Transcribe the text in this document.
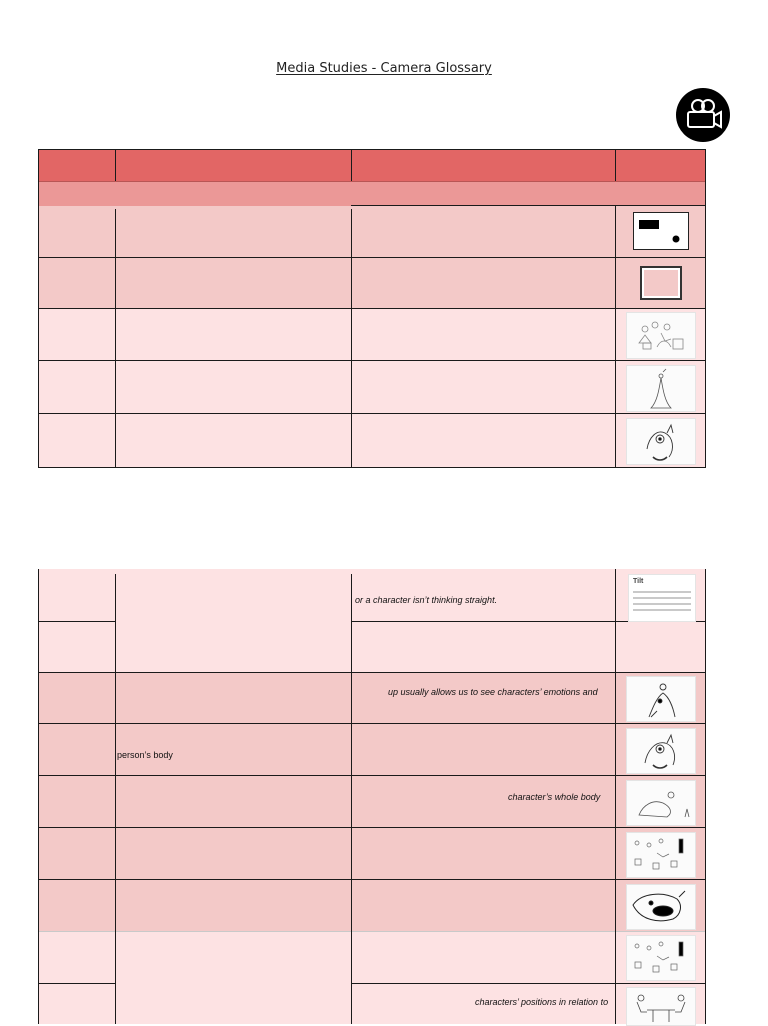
Media Studies - Camera Glossary
or a character isn’t thinking straight.
up usually allows us to see characters’ emotions and
person’s body
character’s whole body
characters’ positions in relation to
Tilt
